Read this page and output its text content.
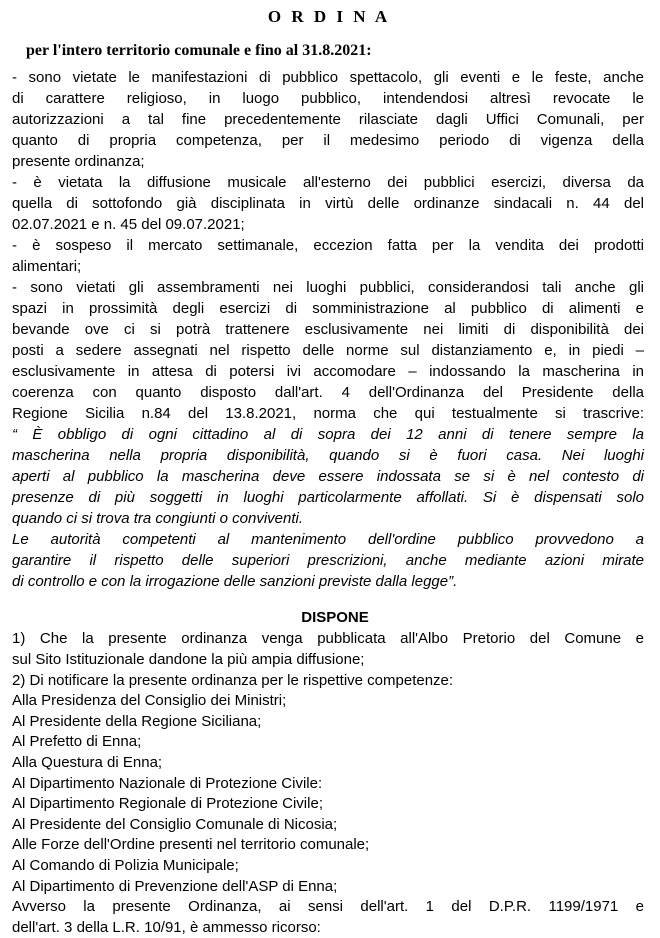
O R D I N A
per l'intero territorio comunale e fino al 31.8.2021:
- sono vietate le manifestazioni di pubblico spettacolo, gli eventi e le feste, anche
di carattere religioso, in luogo pubblico, intendendosi altresì revocate le
autorizzazioni a tal fine precedentemente rilasciate dagli Uffici Comunali, per
quanto di propria competenza, per il medesimo periodo di vigenza della
presente ordinanza;
- è vietata la diffusione musicale all'esterno dei pubblici esercizi, diversa da
quella di sottofondo già disciplinata in virtù delle ordinanze sindacali n. 44 del
02.07.2021 e n. 45 del 09.07.2021;
- è sospeso il mercato settimanale, eccezion fatta per la vendita dei prodotti
alimentari;
- sono vietati gli assembramenti nei luoghi pubblici, considerandosi tali anche gli
spazi in prossimità degli esercizi di somministrazione al pubblico di alimenti e
bevande ove ci si potrà trattenere esclusivamente nei limiti di disponibilità dei
posti a sedere assegnati nel rispetto delle norme sul distanziamento e, in piedi –
esclusivamente in attesa di potersi ivi accomodare – indossando la mascherina in
coerenza con quanto disposto dall'art. 4 dell'Ordinanza del Presidente della
Regione Sicilia n.84 del 13.8.2021, norma che qui testualmente si trascrive:
“ È obbligo di ogni cittadino al di sopra dei 12 anni di tenere sempre la
mascherina nella propria disponibilità, quando si è fuori casa. Nei luoghi
aperti al pubblico la mascherina deve essere indossata se si è nel contesto di
presenze di più soggetti in luoghi particolarmente affollati. Si è dispensati solo
quando ci si trova tra congiunti o conviventi.
Le autorità competenti al mantenimento dell'ordine pubblico provvedono a
garantire il rispetto delle superiori prescrizioni, anche mediante azioni mirate
di controllo e con la irrogazione delle sanzioni previste dalla legge”.
DISPONE
1) Che la presente ordinanza venga pubblicata all'Albo Pretorio del Comune e
sul Sito Istituzionale dandone la più ampia diffusione;
2) Di notificare la presente ordinanza per le rispettive competenze:
Alla Presidenza del Consiglio dei Ministri;
Al Presidente della Regione Siciliana;
Al Prefetto di Enna;
Alla Questura di Enna;
Al Dipartimento Nazionale di Protezione Civile:
Al Dipartimento Regionale di Protezione Civile;
Al Presidente del Consiglio Comunale di Nicosia;
Alle Forze dell'Ordine presenti nel territorio comunale;
Al Comando di Polizia Municipale;
Al Dipartimento di Prevenzione dell'ASP di Enna;
Avverso la presente Ordinanza, ai sensi dell'art. 1 del D.P.R. 1199/1971 e
dell'art. 3 della L.R. 10/91, è ammesso ricorso:
